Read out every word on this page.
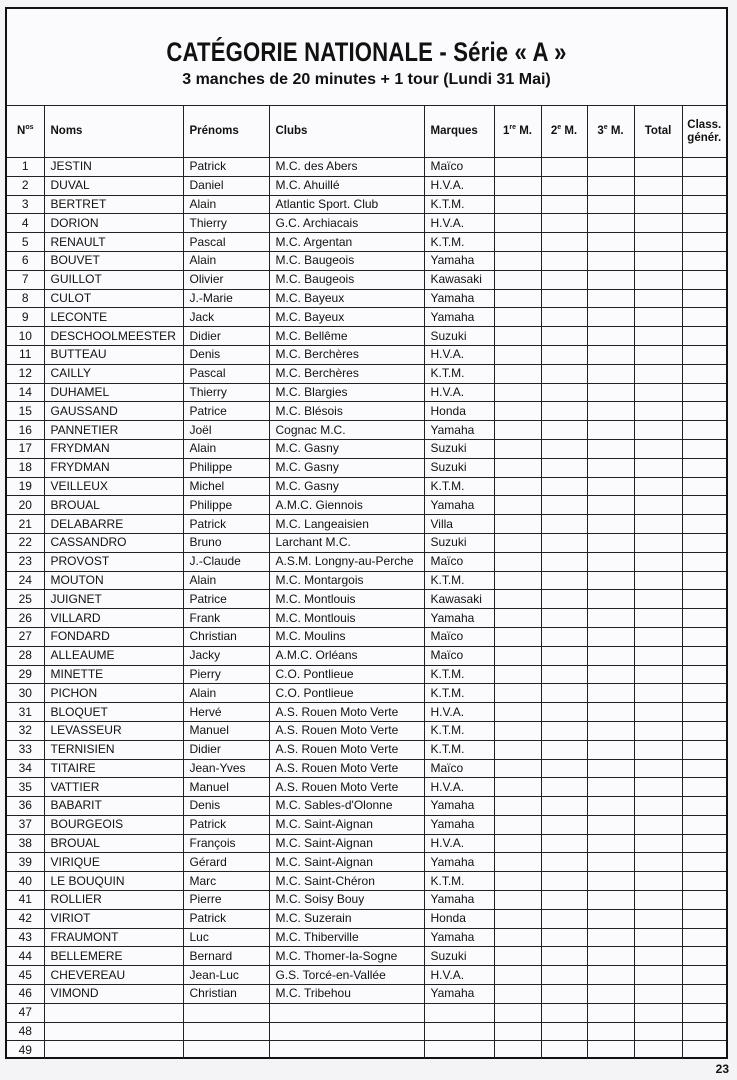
CATÉGORIE NATIONALE - Série « A »
3 manches de 20 minutes + 1 tour (Lundi 31 Mai)
$N^{os}$	Noms	Prénoms	Clubs	Marques	1re M.	2e M.	3e M.	Total	Class. génér.
1	JESTIN	Patrick	M.C. des Abers	Maïco					
2	DUVAL	Daniel	M.C. Ahuillé	H.V.A.					
3	BERTRET	Alain	Atlantic Sport. Club	K.T.M.					
4	DORION	Thierry	G.C. Archiacais	H.V.A.					
5	RENAULT	Pascal	M.C. Argentan	K.T.M.					
6	BOUVET	Alain	M.C. Baugeois	Yamaha					
7	GUILLOT	Olivier	M.C. Baugeois	Kawasaki					
8	CULOT	J.-Marie	M.C. Bayeux	Yamaha					
9	LECONTE	Jack	M.C. Bayeux	Yamaha					
10	DESCHOOLMEESTER	Didier	M.C. Bellême	Suzuki					
11	BUTTEAU	Denis	M.C. Berchères	H.V.A.					
12	CAILLY	Pascal	M.C. Berchères	K.T.M.					
14	DUHAMEL	Thierry	M.C. Blargies	H.V.A.					
15	GAUSSAND	Patrice	M.C. Blésois	Honda					
16	PANNETIER	Joël	Cognac M.C.	Yamaha					
17	FRYDMAN	Alain	M.C. Gasny	Suzuki					
18	FRYDMAN	Philippe	M.C. Gasny	Suzuki					
19	VEILLEUX	Michel	M.C. Gasny	K.T.M.					
20	BROUAL	Philippe	A.M.C. Giennois	Yamaha					
21	DELABARRE	Patrick	M.C. Langeaisien	Villa					
22	CASSANDRO	Bruno	Larchant M.C.	Suzuki					
23	PROVOST	J.-Claude	A.S.M. Longny-au-Perche	Maïco					
24	MOUTON	Alain	M.C. Montargois	K.T.M.					
25	JUIGNET	Patrice	M.C. Montlouis	Kawasaki					
26	VILLARD	Frank	M.C. Montlouis	Yamaha					
27	FONDARD	Christian	M.C. Moulins	Maïco					
28	ALLEAUME	Jacky	A.M.C. Orléans	Maïco					
29	MINETTE	Pierry	C.O. Pontlieue	K.T.M.					
30	PICHON	Alain	C.O. Pontlieue	K.T.M.					
31	BLOQUET	Hervé	A.S. Rouen Moto Verte	H.V.A.					
32	LEVASSEUR	Manuel	A.S. Rouen Moto Verte	K.T.M.					
33	TERNISIEN	Didier	A.S. Rouen Moto Verte	K.T.M.					
34	TITAIRE	Jean-Yves	A.S. Rouen Moto Verte	Maïco					
35	VATTIER	Manuel	A.S. Rouen Moto Verte	H.V.A.					
36	BABARIT	Denis	M.C. Sables-d'Olonne	Yamaha					
37	BOURGEOIS	Patrick	M.C. Saint-Aignan	Yamaha					
38	BROUAL	François	M.C. Saint-Aignan	H.V.A.					
39	VIRIQUE	Gérard	M.C. Saint-Aignan	Yamaha					
40	LE BOUQUIN	Marc	M.C. Saint-Chéron	K.T.M.					
41	ROLLIER	Pierre	M.C. Soisy Bouy	Yamaha					
42	VIRIOT	Patrick	M.C. Suzerain	Honda					
43	FRAUMONT	Luc	M.C. Thiberville	Yamaha					
44	BELLEMERE	Bernard	M.C. Thomer-la-Sogne	Suzuki					
45	CHEVEREAU	Jean-Luc	G.S. Torcé-en-Vallée	H.V.A.					
46	VIMOND	Christian	M.C. Tribehou	Yamaha					
47									
48									
49									
23
